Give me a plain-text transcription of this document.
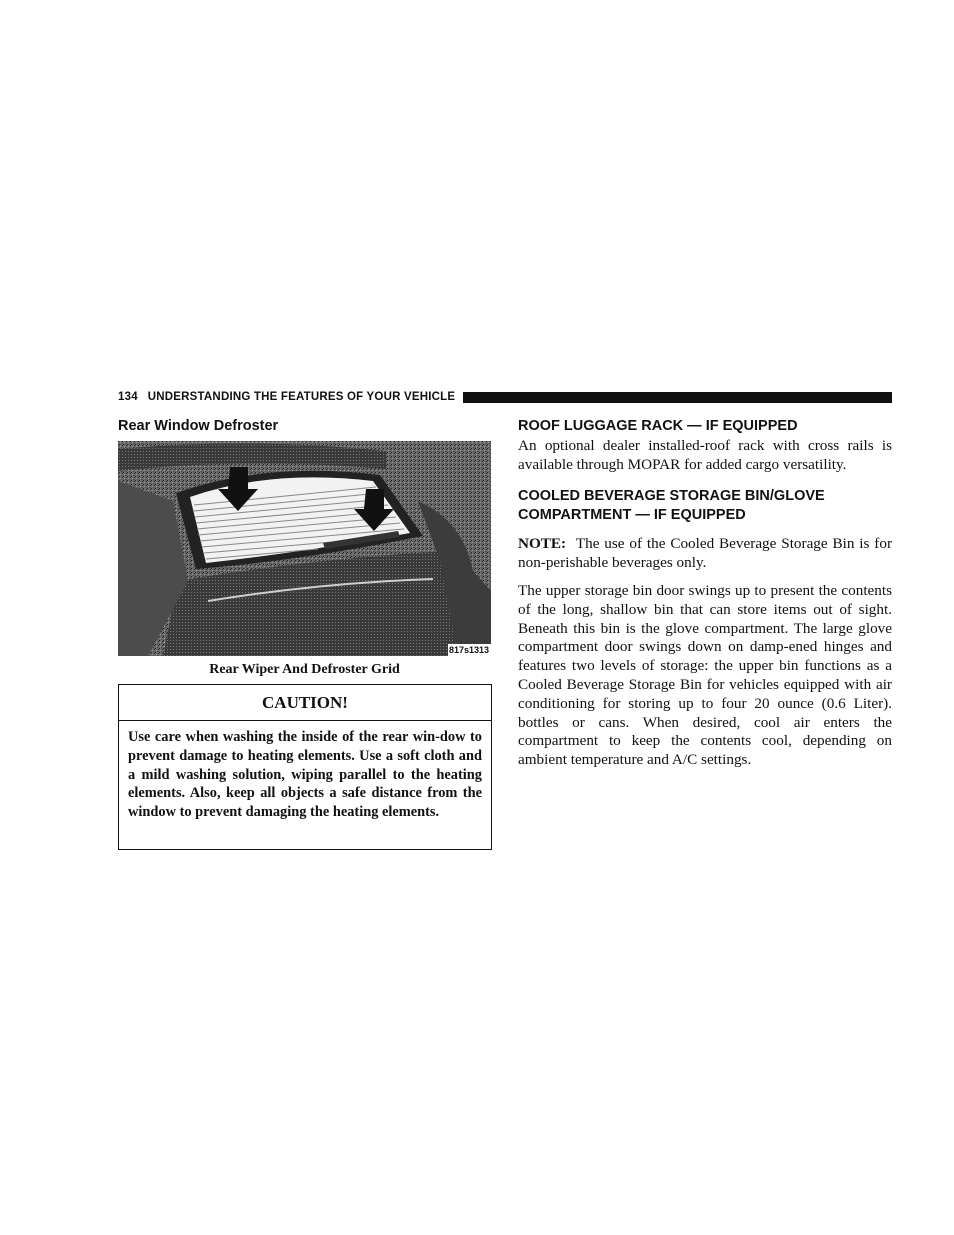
134 UNDERSTANDING THE FEATURES OF YOUR VEHICLE
Rear Window Defroster
817s1313
Rear Wiper And Defroster Grid
CAUTION!
Use care when washing the inside of the rear win-dow to prevent damage to heating elements. Use a soft cloth and a mild washing solution, wiping parallel to the heating elements. Also, keep all objects a safe distance from the window to prevent damaging the heating elements.
ROOF LUGGAGE RACK — IF EQUIPPED
An optional dealer installed-roof rack with cross rails is available through MOPAR for added cargo versatility.
COOLED BEVERAGE STORAGE BIN/GLOVE
COMPARTMENT — IF EQUIPPED
NOTE: The use of the Cooled Beverage Storage Bin is for non-perishable beverages only.
The upper storage bin door swings up to present the contents of the long, shallow bin that can store items out of sight. Beneath this bin is the glove compartment. The large glove compartment door swings down on damp-ened hinges and features two levels of storage: the upper bin functions as a Cooled Beverage Storage Bin for vehicles equipped with air conditioning for storing up to four 20 ounce (0.6 Liter). bottles or cans. When desired, cool air enters the compartment to keep the contents cool, depending on ambient temperature and A/C settings.
